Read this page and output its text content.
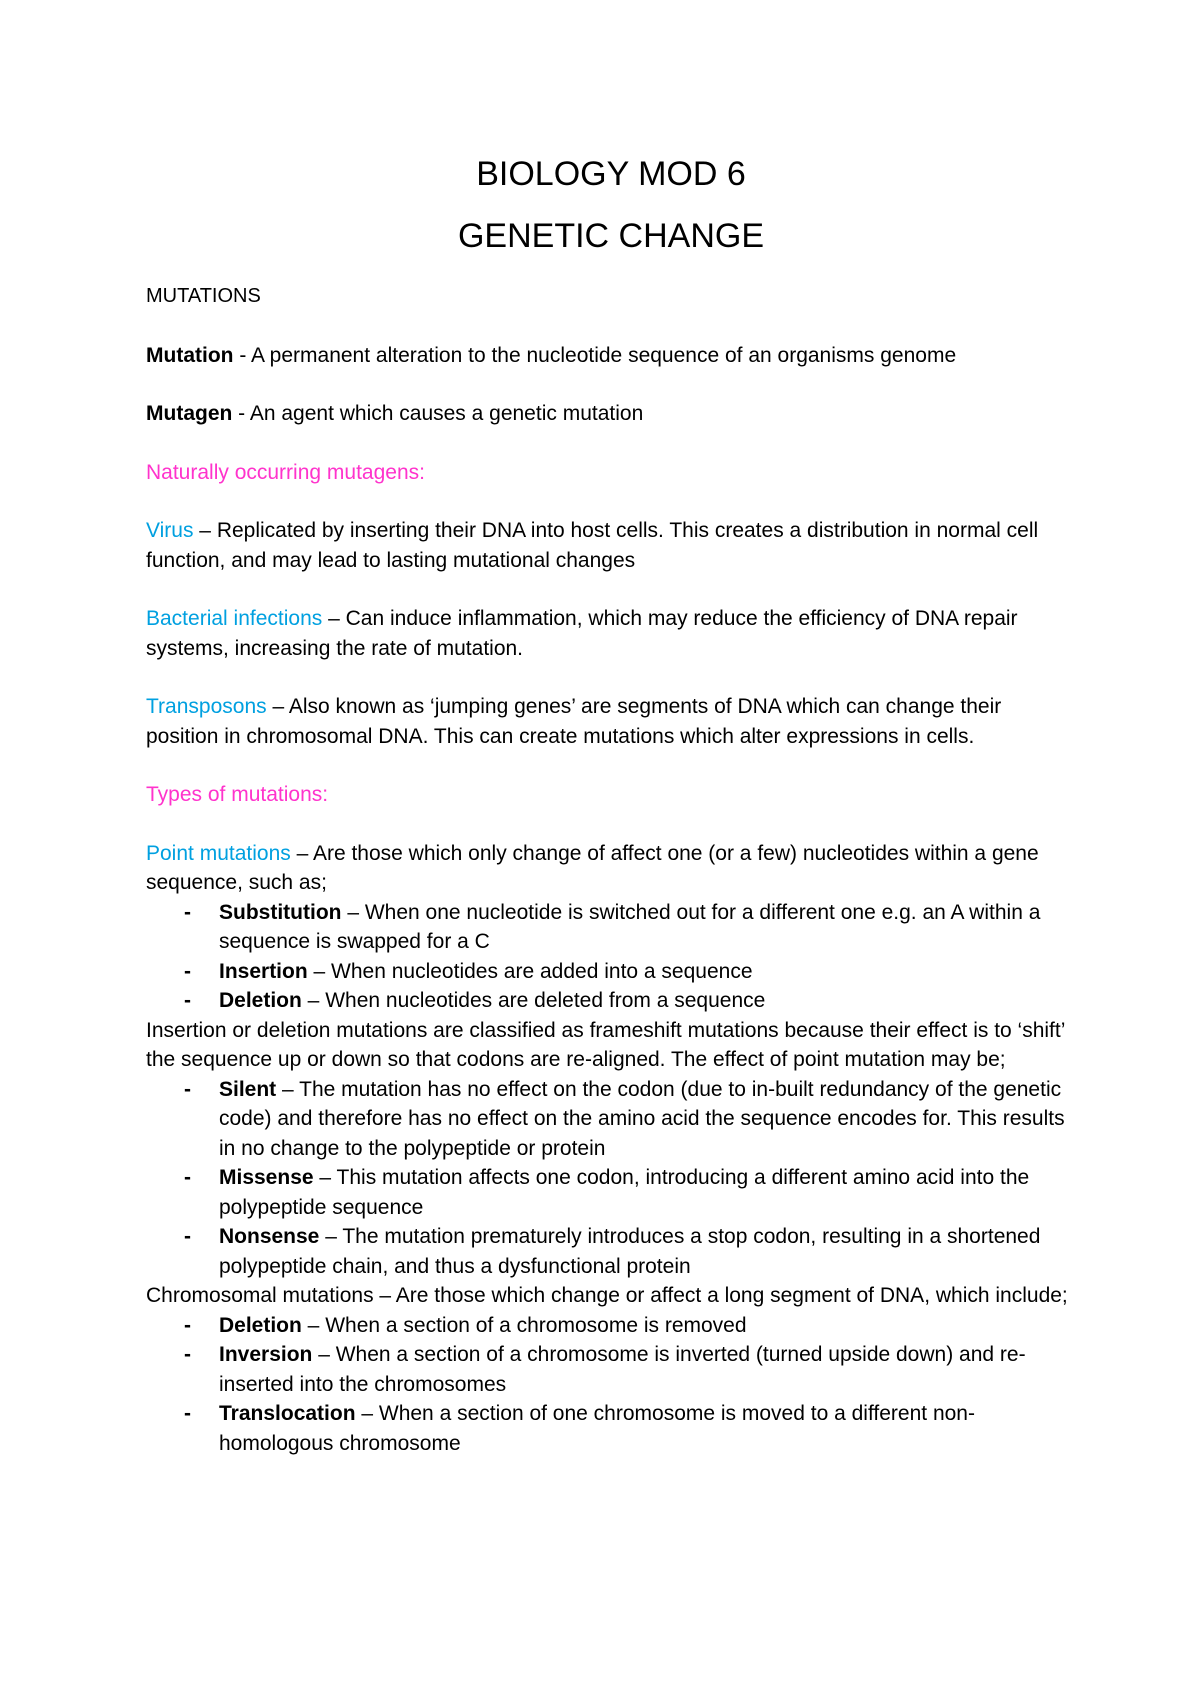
BIOLOGY MOD 6
GENETIC CHANGE

MUTATIONS

Mutation - A permanent alteration to the nucleotide sequence of an organisms genome

Mutagen - An agent which causes a genetic mutation

Naturally occurring mutagens:

Virus – Replicated by inserting their DNA into host cells. This creates a distribution in normal cell function, and may lead to lasting mutational changes

Bacterial infections – Can induce inflammation, which may reduce the efficiency of DNA repair systems, increasing the rate of mutation.

Transposons – Also known as ‘jumping genes’ are segments of DNA which can change their position in chromosomal DNA. This can create mutations which alter expressions in cells.

Types of mutations:

Point mutations – Are those which only change of affect one (or a few) nucleotides within a gene sequence, such as;

- Substitution – When one nucleotide is switched out for a different one e.g. an A within a sequence is swapped for a C
- Insertion – When nucleotides are added into a sequence
- Deletion – When nucleotides are deleted from a sequence

Insertion or deletion mutations are classified as frameshift mutations because their effect is to ‘shift’ the sequence up or down so that codons are re-aligned. The effect of point mutation may be;

- Silent – The mutation has no effect on the codon (due to in-built redundancy of the genetic code) and therefore has no effect on the amino acid the sequence encodes for. This results in no change to the polypeptide or protein
- Missense – This mutation affects one codon, introducing a different amino acid into the polypeptide sequence
- Nonsense – The mutation prematurely introduces a stop codon, resulting in a shortened polypeptide chain, and thus a dysfunctional protein

Chromosomal mutations – Are those which change or affect a long segment of DNA, which include;

- Deletion – When a section of a chromosome is removed
- Inversion – When a section of a chromosome is inverted (turned upside down) and re-inserted into the chromosomes
- Translocation – When a section of one chromosome is moved to a different non-homologous chromosome
